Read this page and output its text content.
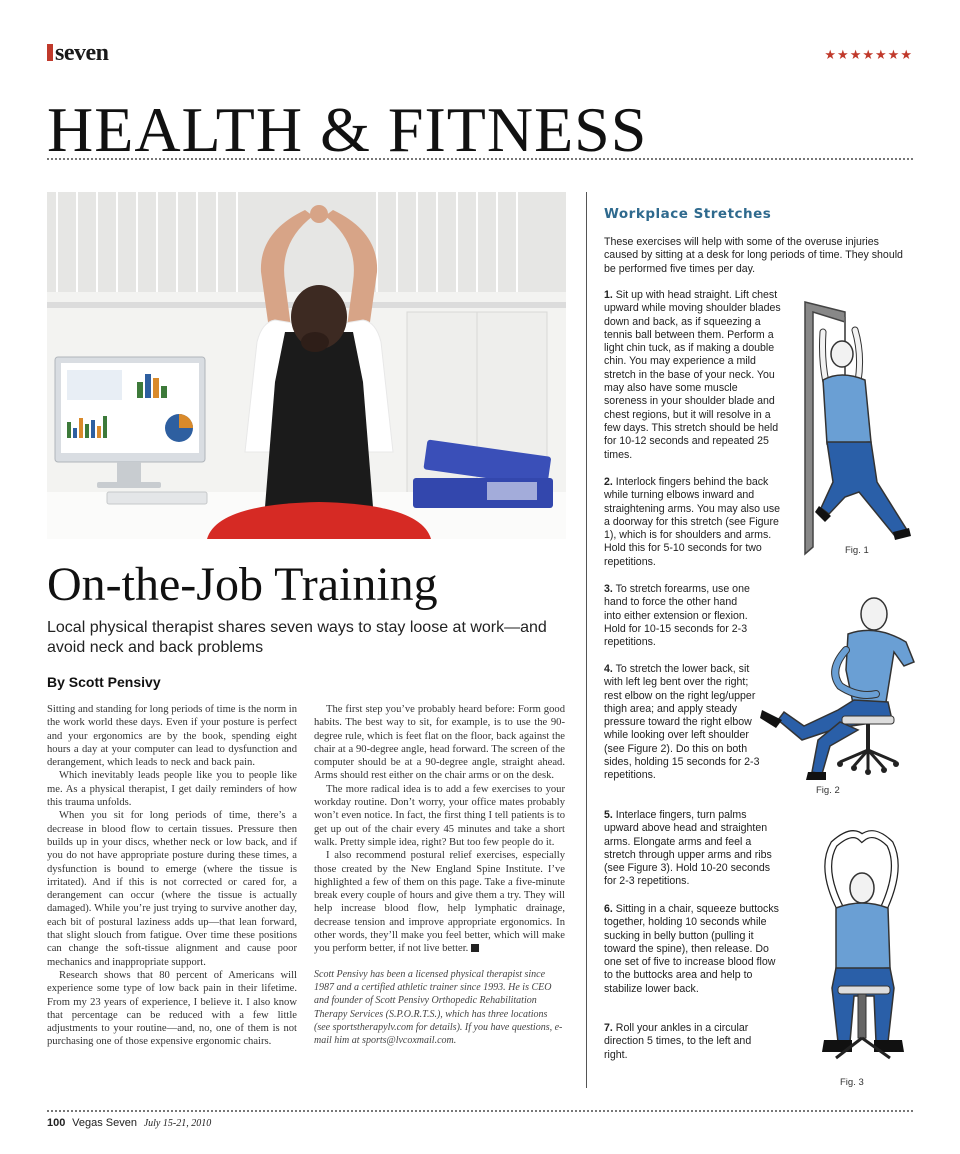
seven	★★★★★★★
HEALTH & FITNESS
On-the-Job Training
Local physical therapist shares seven ways to stay loose at work—and avoid neck and back problems
By Scott Pensivy

Sitting and standing for long periods of time is the norm in the work world these days. Even if your posture is perfect and your ergonomics are by the book, spending eight hours a day at your computer can lead to dysfunction and derangement, which leads to neck and back pain.

Which inevitably leads people like you to people like me. As a physical therapist, I get daily reminders of how this trauma unfolds.

When you sit for long periods of time, there’s a decrease in blood flow to certain tissues. Pressure then builds up in your discs, whether neck or low back, and if you do not have appropriate posture during these times, a dysfunction is bound to emerge (where the tissue is irritated). And if this is not corrected or cared for, a derangement can occur (where the tissue is actually damaged). While you’re just trying to survive another day, each bit of postural laziness adds up—that lean forward, that slight slouch from fatigue. Over time these positions can change the soft-tissue alignment and cause poor mechanics and inappropriate support.

Research shows that 80 percent of Americans will experience some type of low back pain in their lifetime. From my 23 years of experience, I believe it. I also know that percentage can be reduced with a few little adjustments to your routine—and, no, one of them is not purchasing one of those expensive ergonomic chairs.

The first step you’ve probably heard before: Form good habits. The best way to sit, for example, is to use the 90-degree rule, which is feet flat on the floor, back against the chair at a 90-degree angle, head forward. The screen of the computer should be at a 90-degree angle, straight ahead. Arms should rest either on the chair arms or on the desk.

The more radical idea is to add a few exercises to your workday routine. Don’t worry, your office mates probably won’t even notice. In fact, the first thing I tell patients is to get up out of the chair every 45 minutes and take a short walk. Pretty simple idea, right? But too few people do it.

I also recommend postural relief exercises, especially those created by the New England Spine Institute. I’ve highlighted a few of them on this page. Take a five-minute break every couple of hours and give them a try. They will help increase blood flow, help lymphatic drainage, decrease tension and improve appropriate ergonomics. In other words, they’ll make you feel better, which will make you perform better, if not live better.

Scott Pensivy has been a licensed physical therapist since 1987 and a certified athletic trainer since 1993. He is CEO and founder of Scott Pensivy Orthopedic Rehabilitation Therapy Services (S.P.O.R.T.S.), which has three locations (see sportstherapylv.com for details). If you have questions, e-mail him at sports@lvcoxmail.com.
Workplace Stretches
These exercises will help with some of the overuse injuries caused by sitting at a desk for long periods of time. They should be performed five times per day.

1. Sit up with head straight. Lift chest upward while moving shoulder blades down and back, as if squeezing a tennis ball between them. Perform a light chin tuck, as if making a double chin. You may experience a mild stretch in the base of your neck. You may also have some muscle soreness in your shoulder blade and chest regions, but it will resolve in a few days. This stretch should be held for 10-12 seconds and repeated 25 times.

2. Interlock fingers behind the back while turning elbows inward and straightening arms. You may also use a doorway for this stretch (see Figure 1), which is for shoulders and arms. Hold this for 5-10 seconds for two repetitions.

3. To stretch forearms, use one hand to force the other hand into either extension or flexion. Hold for 10-15 seconds for 2-3 repetitions.

4. To stretch the lower back, sit with left leg bent over the right; rest elbow on the right leg/upper thigh area; and apply steady pressure toward the right elbow while looking over left shoulder (see Figure 2). Do this on both sides, holding 15 seconds for 2-3 repetitions.

5. Interlace fingers, turn palms upward above head and straighten arms. Elongate arms and feel a stretch through upper arms and ribs (see Figure 3). Hold 10-20 seconds for 2-3 repetitions.

6. Sitting in a chair, squeeze buttocks together, holding 10 seconds while sucking in belly button (pulling it toward the spine), then release. Do one set of five to increase blood flow to the buttocks area and help to stabilize lower back.

7. Roll your ankles in a circular direction 5 times, to the left and right.

Fig. 1
Fig. 2
Fig. 3
100 Vegas Seven July 15-21, 2010
